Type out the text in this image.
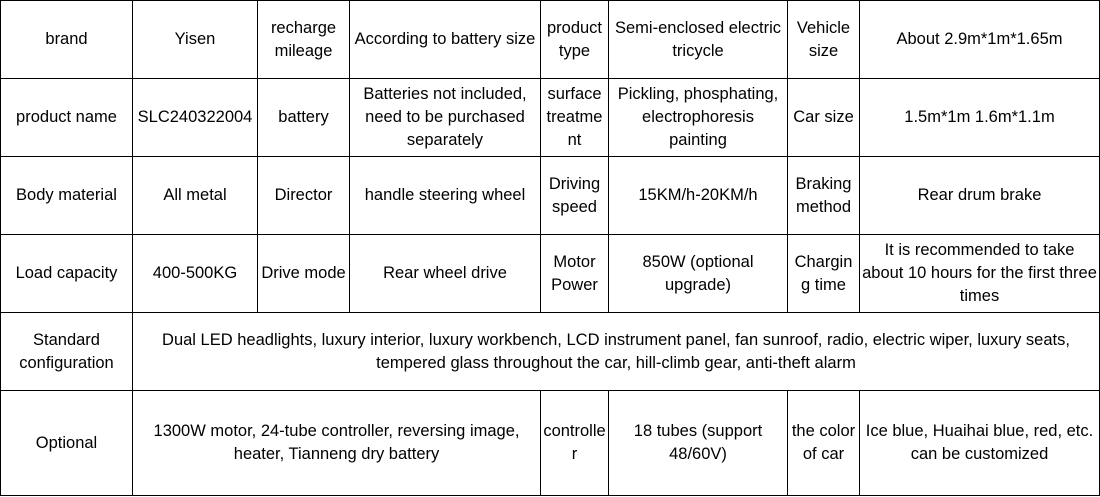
brand	Yisen	recharge mileage	According to battery size	product type	Semi-enclosed electric tricycle	Vehicle size	About 2.9m*1m*1.65m
product name	SLC240322004	battery	Batteries not included, need to be purchased separately	surface treatme nt	Pickling, phosphating, electrophoresis painting	Car size	1.5m*1m 1.6m*1.1m
Body material	All metal	Director	handle steering wheel	Driving speed	15KM/h-20KM/h	Braking method	Rear drum brake
Load capacity	400-500KG	Drive mode	Rear wheel drive	Motor Power	850W (optional upgrade)	Chargin g time	It is recommended to take about 10 hours for the first three times
Standard configuration	Dual LED headlights, luxury interior, luxury workbench, LCD instrument panel, fan sunroof, radio, electric wiper, luxury seats, tempered glass throughout the car, hill-climb gear, anti-theft alarm						
Optional	1300W motor, 24-tube controller, reversing image, heater, Tianneng dry battery			controlle r	18 tubes (support 48/60V)	the color of car	Ice blue, Huaihai blue, red, etc. can be customized
